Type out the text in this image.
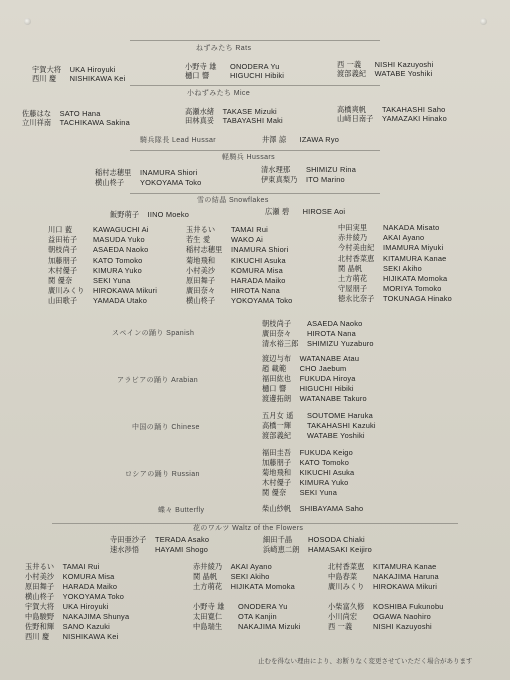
止むを得ない理由により、お断りなく変更させていただく場合があります
ねずみたち Rats
小ねずみたち Mice
騎兵隊長 Lead Hussar
軽騎兵 Hussars
雪の結晶 Snowflakes
スペインの踊り Spanish
アラビアの踊り Arabian
中国の踊り Chinese
ロシアの踊り Russian
蝶々 Butterfly
花のワルツ Waltz of the Flowers
宇賀大将 UKA Hiroyuki
西川 慶 NISHIKAWA Kei
小野寺 雄 ONODERA Yu
樋口 響	HIGUCHI Hibiki
西 一義 NISHI Kazuyoshi
渡部義紀 WATABE Yoshiki
佐藤はな SATO Hana
立川祥南 TACHIKAWA Sakina
高瀬水緒 TAKASE Mizuki
田林真妥 TABAYASHI Maki
高橋爽帆 TAKAHASHI Saho
山﨑日南子 YAMAZAKI Hinako
井澤 諒 IZAWA Ryo
稲村志穂里 INAMURA Shiori
横山柊子 YOKOYAMA Toko
清水理那 SHIMIZU Rina
伊東真梨乃 ITO Marino
飯野萌子 IINO Moeko	広瀬 碧 HIROSE Aoi
川口 藍	KAWAGUCHI Ai
益田祐子 MASUDA Yuko
朝枝尚子 ASAEDA Naoko
加藤朋子 KATO Tomoko
木村優子 KIMURA Yuko
関 優奈	SEKI Yuna
廣川みくり HIROKAWA Mikuri
山田歌子 YAMADA Utako
玉井るい TAMAI Rui
若生 愛	WAKO Ai
稲村志穂里 INAMURA Shiori
菊地飛和 KIKUCHI Asuka
小村美沙 KOMURA Misa
原田舞子 HARADA Maiko
廣田奈々 HIROTA Nana
横山柊子 YOKOYAMA Toko
中田実里 NAKADA Misato
赤井綾乃 AKAI Ayano
今村美由紀 IMAMURA Miyuki
北村香菜恵 KITAMURA Kanae
関 晶帆	SEKI Akiho
土方萌花 HIJIKATA Momoka
守屋朋子 MORIYA Tomoko
徳永比奈子 TOKUNAGA Hinako
朝枝尚子 ASAEDA Naoko
廣田奈々 HIROTA Nana
清水裕三郎 SHIMIZU Yuzaburo
渡辺与布 WATANABE Atau
趙 載範 CHO Jaebum
福田紘也 FUKUDA Hiroya
樋口 響 HIGUCHI Hibiki
渡邊拓朗 WATANABE Takuro
五月女 遥 SOUTOME Haruka
高橋一輝 TAKAHASHI Kazuki
渡部義紀 WATABE Yoshiki
福田圭吾 FUKUDA Keigo
加藤朋子 KATO Tomoko
菊地飛和 KIKUCHI Asuka
木村優子 KIMURA Yuko
関 優奈 SEKI Yuna
柴山紗帆 SHIBAYAMA Saho
寺田亜沙子 TERADA Asako
速水渉悟 HAYAMI Shogo
細田千晶 HOSODA Chiaki
浜崎恵二朗 HAMASAKI Keijiro
玉井るい TAMAI Rui
小村美沙 KOMURA Misa
原田舞子 HARADA Maiko
横山柊子 YOKOYAMA Toko
宇賀大将 UKA Hiroyuki
中島駿野 NAKAJIMA Shunya
佐野和輝 SANO Kazuki
西川 慶 NISHIKAWA Kei
赤井綾乃 AKAI Ayano
関 晶帆 SEKI Akiho
土方萌花 HIJIKATA Momoka
小野寺 雄 ONODERA Yu
太田寛仁 OTA Kanjin
中島瑞生 NAKAJIMA Mizuki
北村香菜恵 KITAMURA Kanae
中島春菜 NAKAJIMA Haruna
廣川みくり HIROKAWA Mikuri
小柴富久修 KOSHIBA Fukunobu
小川尚宏 OGAWA Naohiro
西 一義	NISHI Kazuyoshi
